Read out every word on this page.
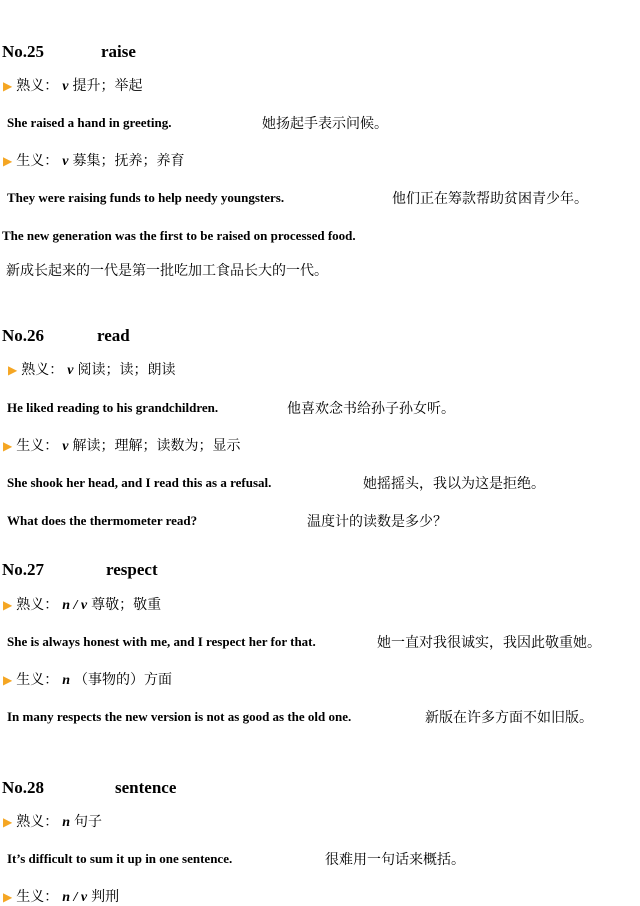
No.25	raise
▶ 熟义： v 提升；举起
She raised a hand in greeting.	她扬起手表示问候。
▶ 生义： v 募集；抚养；养育
They were raising funds to help needy youngsters.	他们正在筹款帮助贫困青少年。
The new generation was the first to be raised on processed food.
新成长起来的一代是第一批吃加工食品长大的一代。
No.26	read
▶ 熟义： v 阅读；读；朗读
He liked reading to his grandchildren.	他喜欢念书给孙子孙女听。
▶ 生义： v 解读；理解；读数为；显示
She shook her head, and I read this as a refusal.	她摇摇头，我以为这是拒绝。
What does the thermometer read?	温度计的读数是多少？
No.27	respect
▶ 熟义： n / v 尊敬；敬重
She is always honest with me, and I respect her for that.	她一直对我很诚实，我因此敬重她。
▶ 生义： n （事物的）方面
In many respects the new version is not as good as the old one.	新版在许多方面不如旧版。
No.28	sentence
▶ 熟义： n 句子
It’s difficult to sum it up in one sentence.	很难用一句话来概括。
▶ 生义： n / v 判刑
